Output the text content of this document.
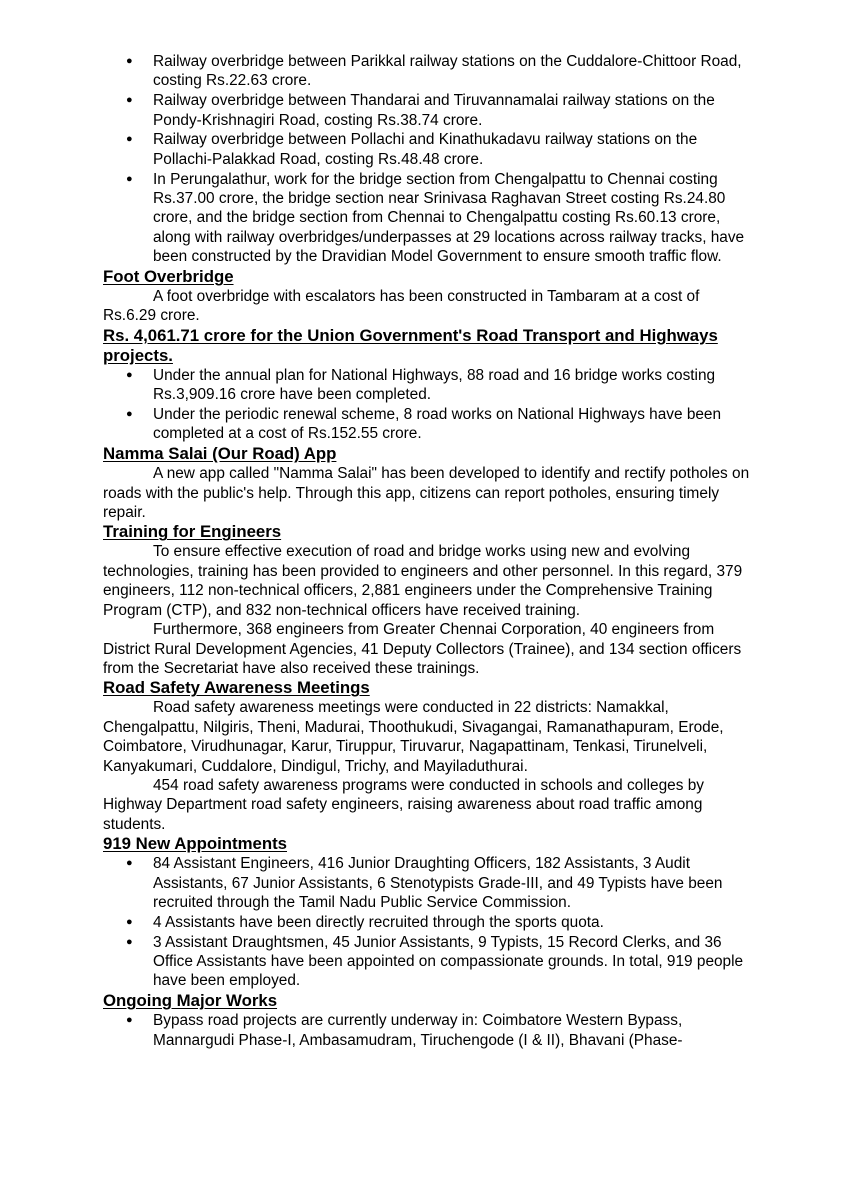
● Railway overbridge between Parikkal railway stations on the Cuddalore-Chittoor Road, costing Rs.22.63 crore.
● Railway overbridge between Thandarai and Tiruvannamalai railway stations on the Pondy-Krishnagiri Road, costing Rs.38.74 crore.
● Railway overbridge between Pollachi and Kinathukadavu railway stations on the Pollachi-Palakkad Road, costing Rs.48.48 crore.
● In Perungalathur, work for the bridge section from Chengalpattu to Chennai costing Rs.37.00 crore, the bridge section near Srinivasa Raghavan Street costing Rs.24.80 crore, and the bridge section from Chennai to Chengalpattu costing Rs.60.13 crore, along with railway overbridges/underpasses at 29 locations across railway tracks, have been constructed by the Dravidian Model Government to ensure smooth traffic flow.

Foot Overbridge

A foot overbridge with escalators has been constructed in Tambaram at a cost of Rs.6.29 crore.

Rs. 4,061.71 crore for the Union Government's Road Transport and Highways projects.

● Under the annual plan for National Highways, 88 road and 16 bridge works costing Rs.3,909.16 crore have been completed.
● Under the periodic renewal scheme, 8 road works on National Highways have been completed at a cost of Rs.152.55 crore.

Namma Salai (Our Road) App

A new app called "Namma Salai" has been developed to identify and rectify potholes on roads with the public's help. Through this app, citizens can report potholes, ensuring timely repair.

Training for Engineers

To ensure effective execution of road and bridge works using new and evolving technologies, training has been provided to engineers and other personnel. In this regard, 379 engineers, 112 non-technical officers, 2,881 engineers under the Comprehensive Training Program (CTP), and 832 non-technical officers have received training.

Furthermore, 368 engineers from Greater Chennai Corporation, 40 engineers from District Rural Development Agencies, 41 Deputy Collectors (Trainee), and 134 section officers from the Secretariat have also received these trainings.

Road Safety Awareness Meetings

Road safety awareness meetings were conducted in 22 districts: Namakkal, Chengalpattu, Nilgiris, Theni, Madurai, Thoothukudi, Sivagangai, Ramanathapuram, Erode, Coimbatore, Virudhunagar, Karur, Tiruppur, Tiruvarur, Nagapattinam, Tenkasi, Tirunelveli, Kanyakumari, Cuddalore, Dindigul, Trichy, and Mayiladuthurai.

454 road safety awareness programs were conducted in schools and colleges by Highway Department road safety engineers, raising awareness about road traffic among students.

919 New Appointments

● 84 Assistant Engineers, 416 Junior Draughting Officers, 182 Assistants, 3 Audit Assistants, 67 Junior Assistants, 6 Stenotypists Grade-III, and 49 Typists have been recruited through the Tamil Nadu Public Service Commission.
● 4 Assistants have been directly recruited through the sports quota.
● 3 Assistant Draughtsmen, 45 Junior Assistants, 9 Typists, 15 Record Clerks, and 36 Office Assistants have been appointed on compassionate grounds. In total, 919 people have been employed.

Ongoing Major Works

● Bypass road projects are currently underway in: Coimbatore Western Bypass, Mannargudi Phase-I, Ambasamudram, Tiruchengode (I & II), Bhavani (Phase-
